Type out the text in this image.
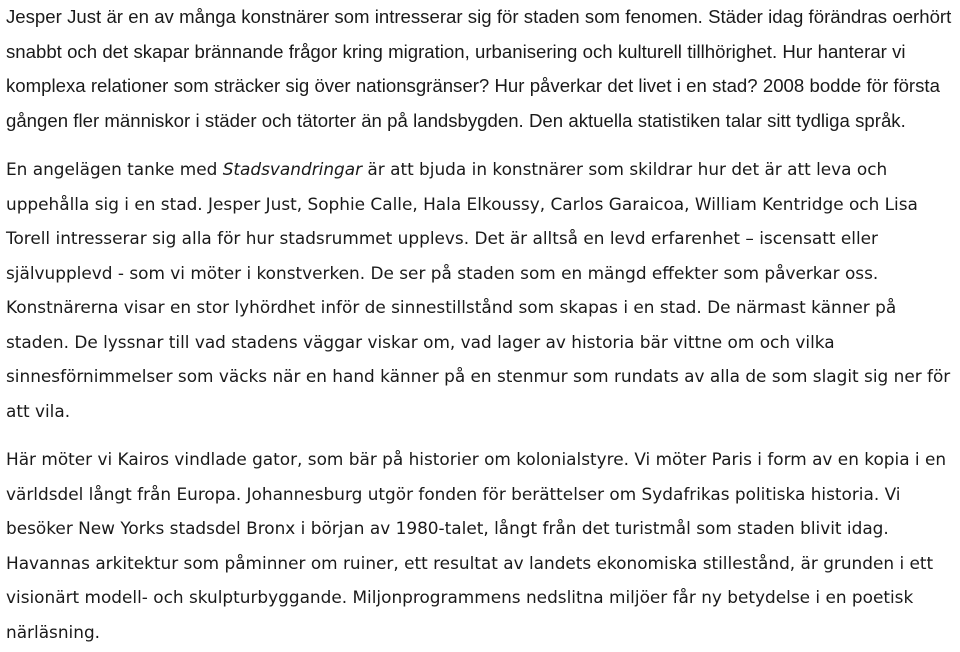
Jesper Just är en av många konstnärer som intresserar sig för staden som fenomen. Städer idag förändras oerhört snabbt och det skapar brännande frågor kring migration, urbanisering och kulturell tillhörighet. Hur hanterar vi komplexa relationer som sträcker sig över nationsgränser? Hur påverkar det livet i en stad? 2008 bodde för första gången fler människor i städer och tätorter än på landsbygden. Den aktuella statistiken talar sitt tydliga språk.

En angelägen tanke med Stadsvandringar är att bjuda in konstnärer som skildrar hur det är att leva och uppehålla sig i en stad. Jesper Just, Sophie Calle, Hala Elkoussy, Carlos Garaicoa, William Kentridge och Lisa Torell intresserar sig alla för hur stadsrummet upplevs. Det är alltså en levd erfarenhet – iscensatt eller självupplevd - som vi möter i konstverken. De ser på staden som en mängd effekter som påverkar oss. Konstnärerna visar en stor lyhördhet inför de sinnestillstånd som skapas i en stad. De närmast känner på staden. De lyssnar till vad stadens väggar viskar om, vad lager av historia bär vittne om och vilka sinnesförnimmelser som väcks när en hand känner på en stenmur som rundats av alla de som slagit sig ner för att vila.

Här möter vi Kairos vindlade gator, som bär på historier om kolonialstyre. Vi möter Paris i form av en kopia i en världsdel långt från Europa. Johannesburg utgör fonden för berättelser om Sydafrikas politiska historia. Vi besöker New Yorks stadsdel Bronx i början av 1980-talet, långt från det turistmål som staden blivit idag. Havannas arkitektur som påminner om ruiner, ett resultat av landets ekonomiska stillestånd, är grunden i ett visionärt modell- och skulpturbyggande. Miljonprogrammens nedslitna miljöer får ny betydelse i en poetisk närläsning.
